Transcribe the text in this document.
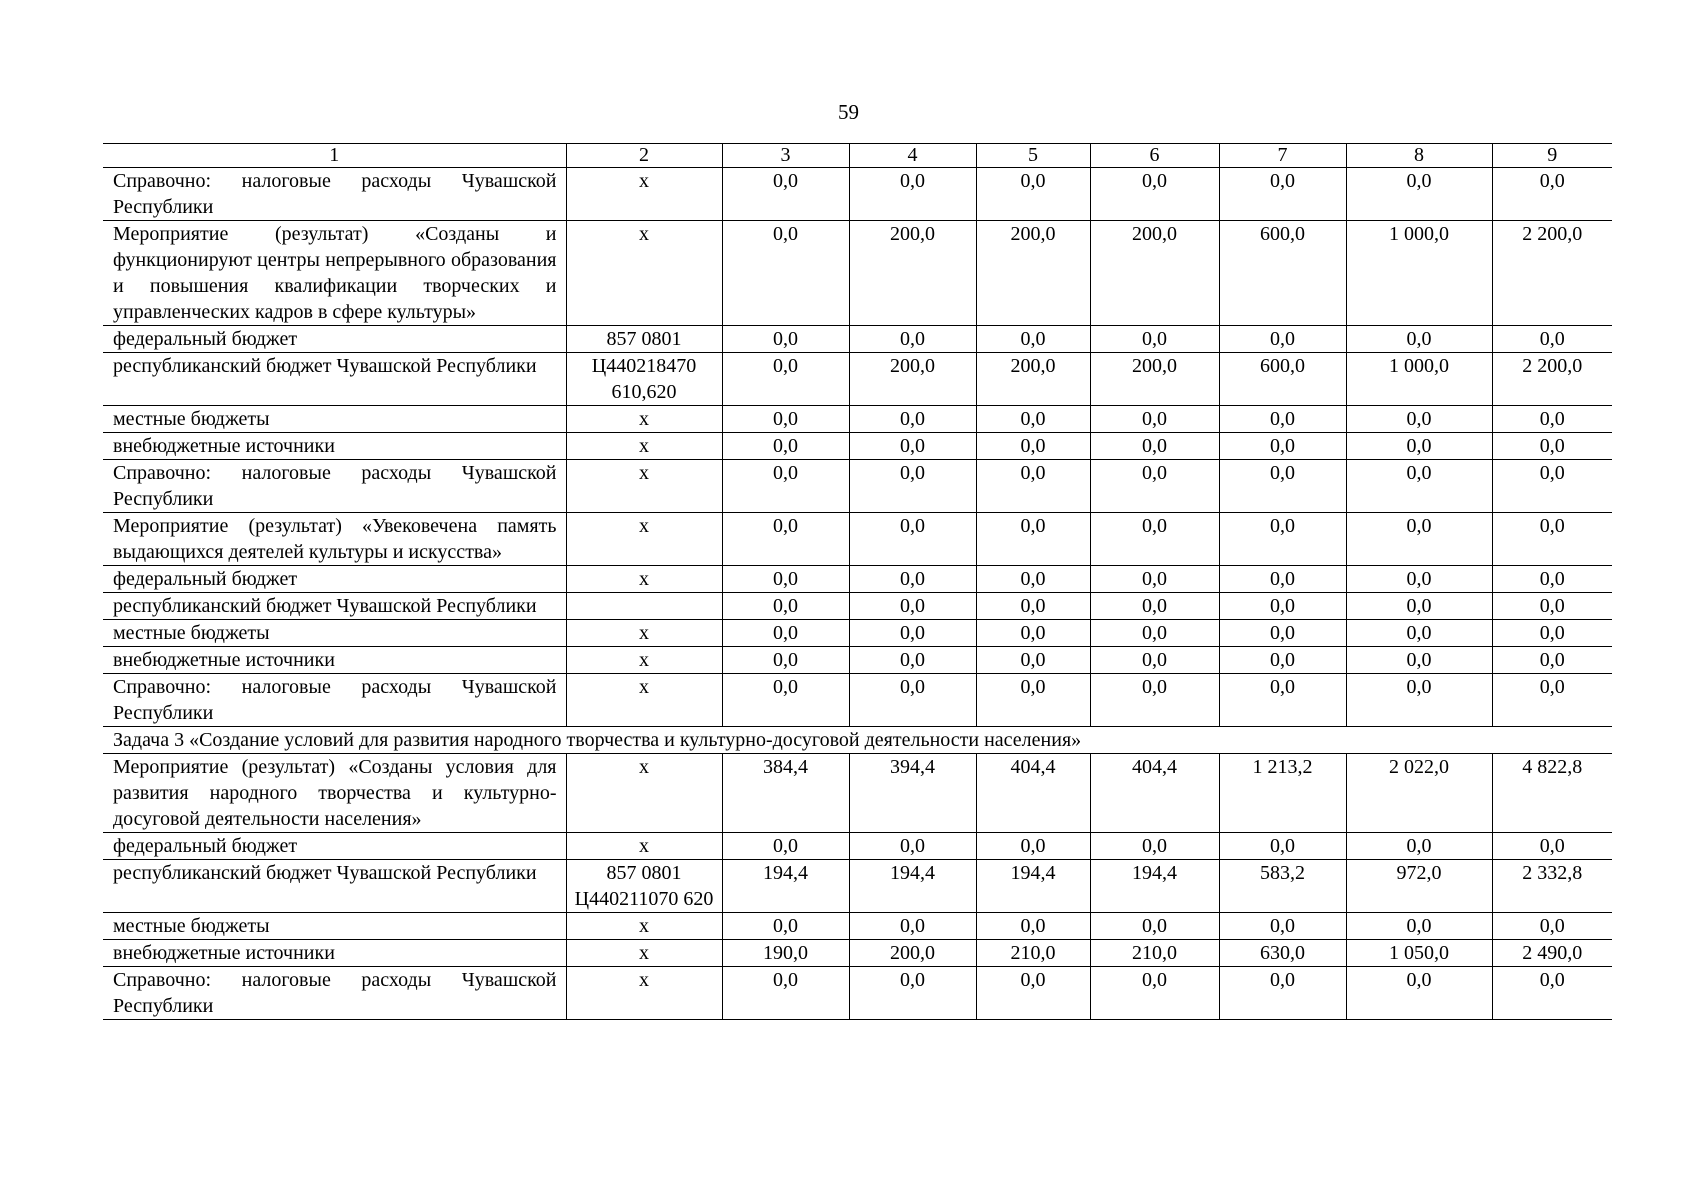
59
1	2	3	4	5	6	7	8	9
Справочно: налоговые расходы Чувашской Республики	x	0,0	0,0	0,0	0,0	0,0	0,0	0,0
Мероприятие (результат) «Созданы и функционируют центры непрерывного образования и повышения квалификации творческих и управленческих кадров в сфере культуры»	x	0,0	200,0	200,0	200,0	600,0	1 000,0	2 200,0
федеральный бюджет	857 0801	0,0	0,0	0,0	0,0	0,0	0,0	0,0
республиканский бюджет Чувашской Республики	Ц440218470 610,620	0,0	200,0	200,0	200,0	600,0	1 000,0	2 200,0
местные бюджеты	x	0,0	0,0	0,0	0,0	0,0	0,0	0,0
внебюджетные источники	x	0,0	0,0	0,0	0,0	0,0	0,0	0,0
Справочно: налоговые расходы Чувашской Республики	x	0,0	0,0	0,0	0,0	0,0	0,0	0,0
Мероприятие (результат) «Увековечена память выдающихся деятелей культуры и искусства»	x	0,0	0,0	0,0	0,0	0,0	0,0	0,0
федеральный бюджет	x	0,0	0,0	0,0	0,0	0,0	0,0	0,0
республиканский бюджет Чувашской Республики		0,0	0,0	0,0	0,0	0,0	0,0	0,0
местные бюджеты	x	0,0	0,0	0,0	0,0	0,0	0,0	0,0
внебюджетные источники	x	0,0	0,0	0,0	0,0	0,0	0,0	0,0
Справочно: налоговые расходы Чувашской Республики	x	0,0	0,0	0,0	0,0	0,0	0,0	0,0
Задача 3 «Создание условий для развития народного творчества и культурно-досуговой деятельности населения»								
Мероприятие (результат) «Созданы условия для развития народного творчества и культурно-досуговой деятельности населения»	x	384,4	394,4	404,4	404,4	1 213,2	2 022,0	4 822,8
федеральный бюджет	x	0,0	0,0	0,0	0,0	0,0	0,0	0,0
республиканский бюджет Чувашской Республики	857 0801 Ц440211070 620	194,4	194,4	194,4	194,4	583,2	972,0	2 332,8
местные бюджеты	x	0,0	0,0	0,0	0,0	0,0	0,0	0,0
внебюджетные источники	x	190,0	200,0	210,0	210,0	630,0	1 050,0	2 490,0
Справочно: налоговые расходы Чувашской Республики	x	0,0	0,0	0,0	0,0	0,0	0,0	0,0
